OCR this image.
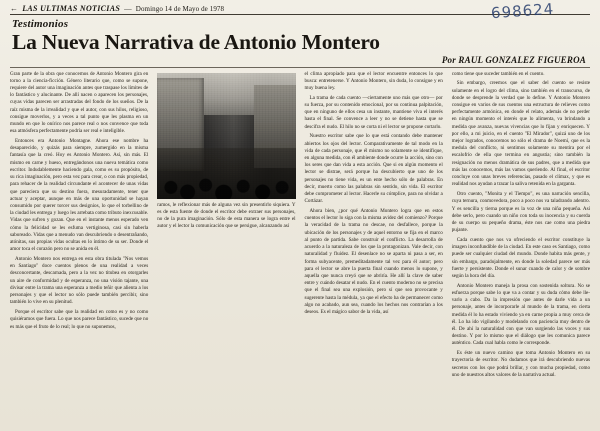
← LAS ULTIMAS NOTICIAS — Domingo 14 de Mayo de 1978	698624
Testimonios
La Nueva Narrativa de Antonio Montero
Por RAUL GONZALEZ FIGUEROA

Gran parte de la obra que conocemos de Antonio Montero gira en torno a la ciencia-ficción. Género literario que, como se supone, requiere del autor una imaginación antes que traspase los límites de lo fantástico y alucinante. De allí nacen o aparecen los personajes, cuyas vidas parecen ser arrastradas del fondo de los sueños. De la raíz misma de la irrealidad y que el autor, con sus hilos, religioso, consigue moverlos, y a veces a tal punto que les plasma en un mundo en que lo onírico nos parece real o nos convence que toda esa atmósfera perfectamente podría ser real e inteligible.

Entonces era Antonio Montagne. Ahora ese nombre ha desaparecido, y quizás para siempre, zumergido en la misma fantasía que la creó. Hoy es Antonio Montero. Así, sin más. El mismo en carne y hueso, entregándonos una nueva temática como escritor. Indudablemente haciendo gala, como es su propósito, de su rica imaginación, pero esta vez para crear, o con más propiedad, para rehacer de la realidad circundante el acontecer de unas vidas que pareciera que su destino fuera, mesuradamente, tener que actuar y aceptar, aunque en más de una oportunidad se hayan consumido por querer torcer sus designios, lo que el torbellino de la ciudad les entrega y luego les arrebata como tributo inexcusable. Vidas que sufren y gozan. Que en el instante menos esperado ven cómo la felicidad se les esfuma vertiginosa, casi sin haberla saboreado. Vidas que a menudo van descubriendo o desentrañando, atónitas, sus propias vidas ocultas en lo íntimo de su ser. Donde el amor toca el corazón pero no se anida en él.

Antonio Montero nos entrega en esta obra titulada "Nos vemos en Santiago" doce cuentos plenos de una realidad a veces desconcertante, descarnada, pero a la vez no titubea en otorgarles un aire de conformidad y de esperanza, no una visión tajante, una divisar entre la trama una esperanza a medio teñir que alienta a los personajes y que el lector no sólo puede también percibir, sino también lo vive en su plenitud.

Porque el escritor sabe que la realidad en como es y no como quisiéramos que fuera. Lo que nos parece fantástico, sucede que no es más que el fruto de lo real; lo que no suponemos,

ramos, le reflexionar más de alguna vez sin presentirlo siquiera. Y es de esta fuente de donde el escritor debe extraer sus personajes, no de la pura imaginación. Sólo de esta manera se logra entre el autor y el lector la comunicación que se persigue, alcanzando así

el clima apropiado para que el lector encuentre entonces lo que busca: entretenerse. Y Antonio Montero, sin duda, lo consigue y en muy buena ley.

La trama de cada cuento —ciertamente uno más que otro— por su fuerza, por su contenido emocional, por su continua palpitación, que en ninguno de ellos cesa un instante, mantiene viva el interés hasta el final. Se convence a leer y no se detiene hasta que se descifra el nudo. El hilo no se corta ni el lector se propone cortarlo.

Nuestro escritor sabe que lo que está contando debe mantener abiertos los ojos del lector. Comparativamente de tal modo en la vida de cada personaje, que él mismo no solamente se identifique, en alguna medida, con él ambiente donde ocurre la acción, sino con los seres que dan vida a esta acción. Que si en algún momento el lector se distrae, será porque ha descubierto que uno de los personajes no tiene vida, es un ente hecho sólo de palabras. En decir, muerto como las palabras sin sentido, sin vida. El escritor debe comprometer al lector. Hacerle su cómplice, para no olvidar a Cortázar.

Ahora bien, ¿por qué Antonio Montero logra que en estos cuentos el lector lo siga con la misma avidez del comienzo? Porque la veracidad de la trama no descae, no desfallece, porque la ubicación de los personajes y de aquel entorno se fija en el marco al punto de partida. Sabe construir el conflicto. La desarrolla de acuerdo a la naturaleza de los que la protagonizan. Vale decir, con naturalidad y fluidez. El desenlace no se aparta ni pasa a ser, en forma subyacente, premeditadamente tal vez para él autor; pero para el lector se abre la puerta final cuando menos lo supone, y aquella que nunca creyó que se abriría. He allí la clave de saber entre y cuándo desatar el nudo. En el cuento moderno no se precisa que el final sea una explosión, pero sí que sea provocante y sugerente hasta la médula, ya que el efecto ha de permanecer como algo no acabado, aun sea, cuando los hechos nos contrarían a los deseos. Es el mágico sabor de la vida, así

como tiene que suceder también en el cuento.

Sin embargo, creemos que el saber del cuento se resiste solamente en el logro del clima, sino también en el transcurso, de donde se desprende la verdad que lo define. Y Antonio Montero consigue en varios de sus cuentos una estructura de relieves como perfectamente armónica, en donde el relato, además de no perder en ningún momento el interés que lo alimenta, va brindando a medida que avanza, nuevas vivencias que lo fijan y enriquecen. Y por ello, a mi juicio, en el cuento "El Mirador", quizá uno de los mejor logrados, conocemos no sólo el drama de Noemí, que es la medula del conflicto, ni sentimos solamente su mentira por el escalofrío de ella que termina en angustia; sino también la resignación no menos dramática de sus padres, que a medida que más las conocemos, más las vamos queriendo. Al final, el escritor concluye con unas breves referencias, pasado el clímax, y que es realidad nos ayudan a trazar la saliva retenida en la garganta.

Otro cuento, "Monita y el Tiempo", es una narración sencilla, cuya ternura, conmovedora, poco a poco nos va taladrando adentro. Y es sencilla y tierna porque es la voz de una niña pequeña. Así debe serlo, pero cuando un niño con toda su inocencia y su cuerda de su cuerpo su pequeño drama, éste nos cae como una piedra pujante.

Cada cuento que nos va ofreciendo el escritor constituye la imagen inconfundible de la ciudad. En este caso es Santiago, como puede ser cualquier ciudad del mundo. Donde habita más gente, y sin embargo, paradojalmente, en donde la soledad parece ser más fuerte y persistente. Donde el sunar cuando de calor y de sombre según la hora del día.

Antonio Montero maneja la prosa con sostenida soltura. No se esfuerza porque sabe lo que va a contar y su duda cómo debe llevarlo a cabo. Da la impresión que antes de darle vida a un personaje, antes de incorporarle al mundo de la trama, en cierta medida él lo ha estado viviendo ya en carne propia a muy cerca de él. Lo ha ido vigilando y modelando con paciencia muy dentro de él. De ahí la naturalidad con que van surgiendo las voces y sus destino. Y por lo mismo que el diálogo que les comunica parece auténtico. Cada cual habla como le corresponde.

Es éste un nuevo camino que toma Antonio Montero en su trayectoria de escritor. No dudamos que irá descubriendo nuevas secretos con los que podrá brillar, y con mucha propiedad, como uno de nuestros altos valores de la narrativa actual.
